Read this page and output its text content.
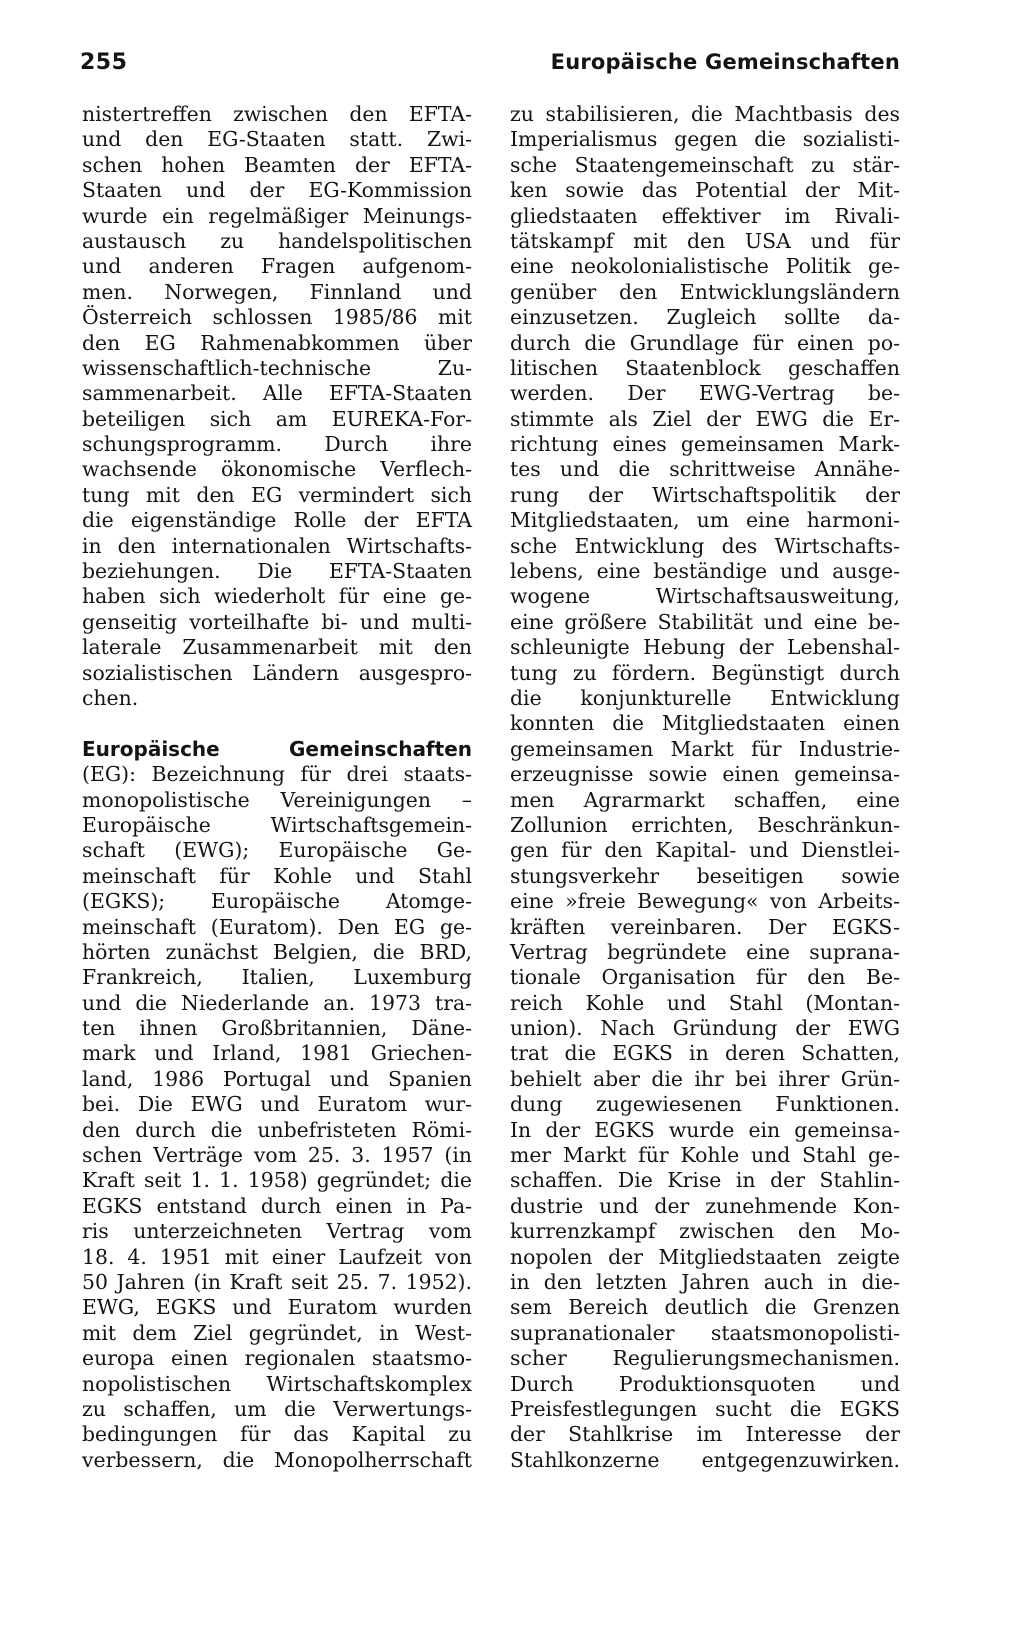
255	Europäische Gemeinschaften
nistertreffen zwischen den EFTA-
und den EG-Staaten statt. Zwi-
schen hohen Beamten der EFTA-
Staaten und der EG-Kommission
wurde ein regelmäßiger Meinungs-
austausch zu handelspolitischen
und anderen Fragen aufgenom-
men. Norwegen, Finnland und
Österreich schlossen 1985/86 mit
den EG Rahmenabkommen über
wissenschaftlich-technische Zu-
sammenarbeit. Alle EFTA-Staaten
beteiligen sich am EUREKA-For-
schungsprogramm. Durch ihre
wachsende ökonomische Verflech-
tung mit den EG vermindert sich
die eigenständige Rolle der EFTA
in den internationalen Wirtschafts-
beziehungen. Die EFTA-Staaten
haben sich wiederholt für eine ge-
genseitig vorteilhafte bi- und multi-
laterale Zusammenarbeit mit den
sozialistischen Ländern ausgespro-
chen.
Europäische Gemeinschaften
(EG): Bezeichnung für drei staats-
monopolistische Vereinigungen –
Europäische Wirtschaftsgemein-
schaft (EWG); Europäische Ge-
meinschaft für Kohle und Stahl
(EGKS); Europäische Atomge-
meinschaft (Euratom). Den EG ge-
hörten zunächst Belgien, die BRD,
Frankreich, Italien, Luxemburg
und die Niederlande an. 1973 tra-
ten ihnen Großbritannien, Däne-
mark und Irland, 1981 Griechen-
land, 1986 Portugal und Spanien
bei. Die EWG und Euratom wur-
den durch die unbefristeten Römi-
schen Verträge vom 25. 3. 1957 (in
Kraft seit 1. 1. 1958) gegründet; die
EGKS entstand durch einen in Pa-
ris unterzeichneten Vertrag vom
18. 4. 1951 mit einer Laufzeit von
50 Jahren (in Kraft seit 25. 7. 1952).
EWG, EGKS und Euratom wurden
mit dem Ziel gegründet, in West-
europa einen regionalen staatsmo-
nopolistischen Wirtschaftskomplex
zu schaffen, um die Verwertungs-
bedingungen für das Kapital zu
verbessern, die Monopolherrschaft
zu stabilisieren, die Machtbasis des
Imperialismus gegen die sozialisti-
sche Staatengemeinschaft zu stär-
ken sowie das Potential der Mit-
gliedstaaten effektiver im Rivali-
tätskampf mit den USA und für
eine neokolonialistische Politik ge-
genüber den Entwicklungsländern
einzusetzen. Zugleich sollte da-
durch die Grundlage für einen po-
litischen Staatenblock geschaffen
werden. Der EWG-Vertrag be-
stimmte als Ziel der EWG die Er-
richtung eines gemeinsamen Mark-
tes und die schrittweise Annähe-
rung der Wirtschaftspolitik der
Mitgliedstaaten, um eine harmoni-
sche Entwicklung des Wirtschafts-
lebens, eine beständige und ausge-
wogene Wirtschaftsausweitung,
eine größere Stabilität und eine be-
schleunigte Hebung der Lebenshal-
tung zu fördern. Begünstigt durch
die konjunkturelle Entwicklung
konnten die Mitgliedstaaten einen
gemeinsamen Markt für Industrie-
erzeugnisse sowie einen gemeinsa-
men Agrarmarkt schaffen, eine
Zollunion errichten, Beschränkun-
gen für den Kapital- und Dienstlei-
stungsverkehr beseitigen sowie
eine »freie Bewegung« von Arbeits-
kräften vereinbaren. Der EGKS-
Vertrag begründete eine suprana-
tionale Organisation für den Be-
reich Kohle und Stahl (Montan-
union). Nach Gründung der EWG
trat die EGKS in deren Schatten,
behielt aber die ihr bei ihrer Grün-
dung zugewiesenen Funktionen.
In der EGKS wurde ein gemeinsa-
mer Markt für Kohle und Stahl ge-
schaffen. Die Krise in der Stahlin-
dustrie und der zunehmende Kon-
kurrenzkampf zwischen den Mo-
nopolen der Mitgliedstaaten zeigte
in den letzten Jahren auch in die-
sem Bereich deutlich die Grenzen
supranationaler staatsmonopolisti-
scher Regulierungsmechanismen.
Durch Produktionsquoten und
Preisfestlegungen sucht die EGKS
der Stahlkrise im Interesse der
Stahlkonzerne entgegenzuwirken.
